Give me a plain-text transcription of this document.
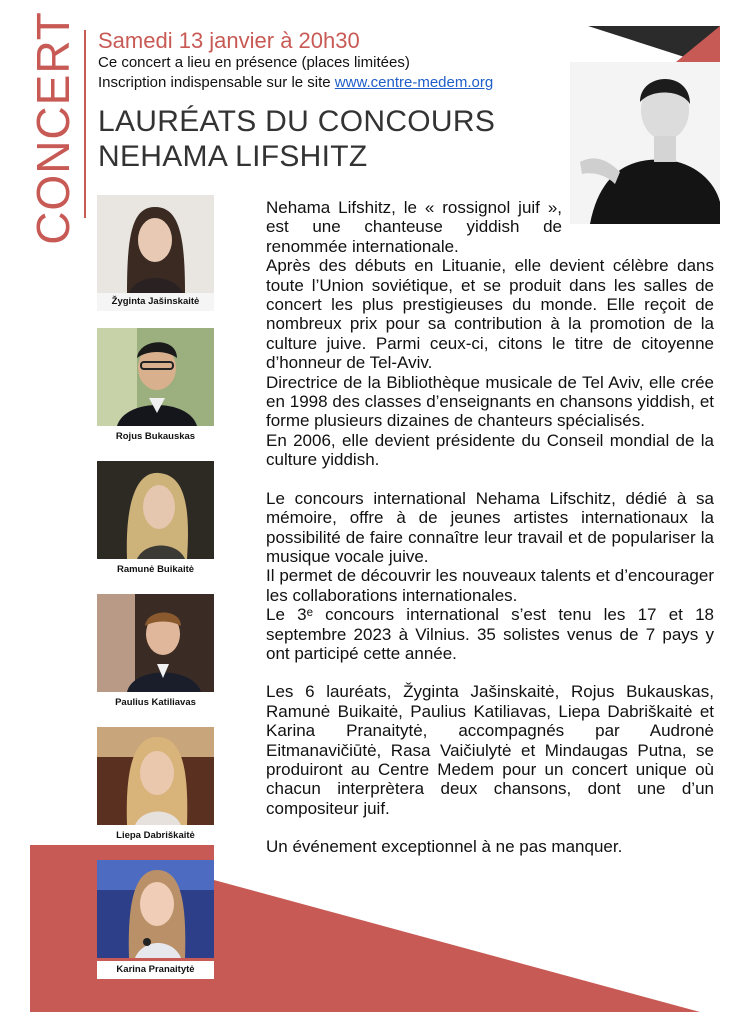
CONCERT Samedi 13 janvier à 20h30
Ce concert a lieu en présence (places limitées)
Inscription indispensable sur le site www.centre-medem.org
LAURÉATS DU CONCOURS
NEHAMA LIFSHITZ
Žyginta Jašinskaitė
Rojus Bukauskas
Ramunė Buikaitė
Paulius Katiliavas
Liepa Dabriškaitė
Karina Pranaitytė

Nehama Lifshitz, le « rossignol juif », est une chanteuse yiddish de renommée internationale.

Après des débuts en Lituanie, elle devient célèbre dans toute l’Union soviétique, et se produit dans les salles de concert les plus prestigieuses du monde. Elle reçoit de nombreux prix pour sa contribution à la promotion de la culture juive. Parmi ceux-ci, citons le titre de citoyenne d’honneur de Tel-Aviv.

Directrice de la Bibliothèque musicale de Tel Aviv, elle crée en 1998 des classes d’enseignants en chansons yiddish, et forme plusieurs dizaines de chanteurs spécialisés.

En 2006, elle devient présidente du Conseil mondial de la culture yiddish.

Le concours international Nehama Lifschitz, dédié à sa mémoire, offre à de jeunes artistes internationaux la possibilité de faire connaître leur travail et de populariser la musique vocale juive.

Il permet de découvrir les nouveaux talents et d’encourager les collaborations internationales.

Le 3ᵉ concours international s’est tenu les 17 et 18 septembre 2023 à Vilnius. 35 solistes venus de 7 pays y ont participé cette année.

Les 6 lauréats, Žyginta Jašinskaitė, Rojus Bukauskas, Ramunė Buikaitė, Paulius Katiliavas, Liepa Dabriškaitė et Karina Pranaitytė, accompagnés par Audronė Eitmanavičiūtė, Rasa Vaičiulytė et Mindaugas Putna, se produiront au Centre Medem pour un concert unique où chacun interprètera deux chansons, dont une d’un compositeur juif.

Un événement exceptionnel à ne pas manquer.
